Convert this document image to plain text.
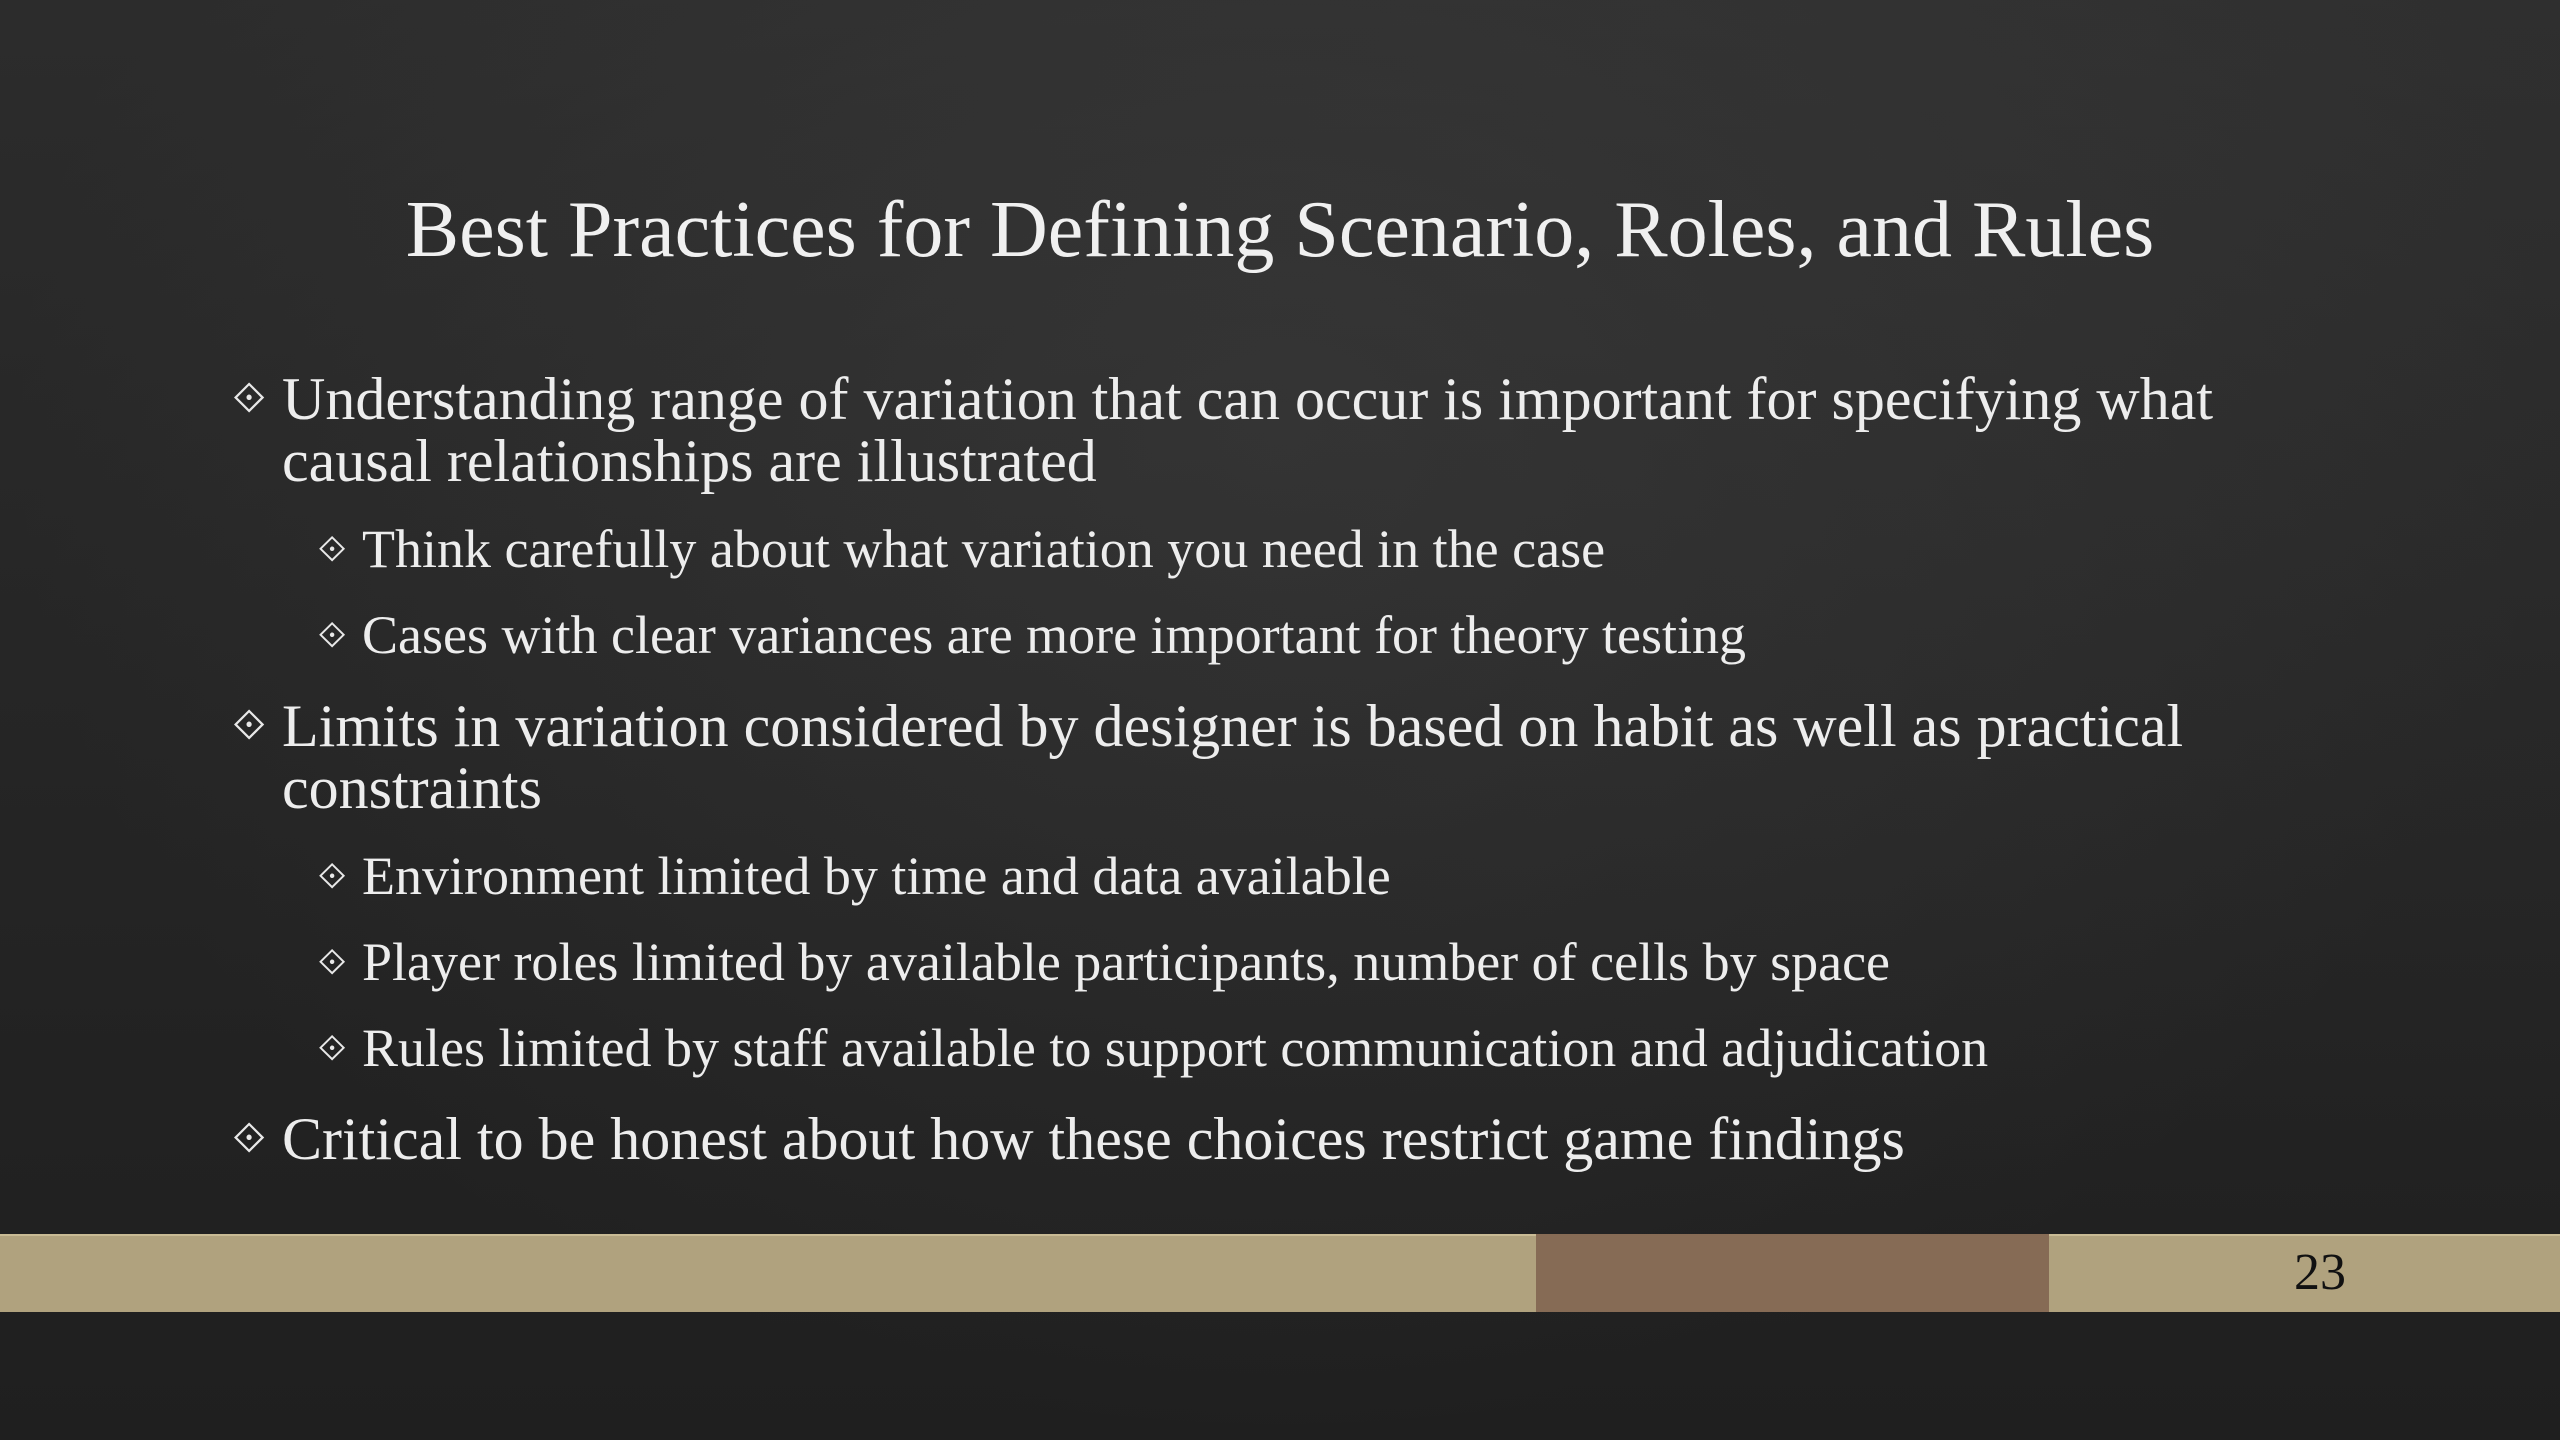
Best Practices for Defining Scenario, Roles, and Rules
⟐ Understanding range of variation that can occur is important for specifying what causal relationships are illustrated
⟐ Think carefully about what variation you need in the case
⟐ Cases with clear variances are more important for theory testing
⟐ Limits in variation considered by designer is based on habit as well as practical constraints
⟐ Environment limited by time and data available
⟐ Player roles limited by available participants, number of cells by space
⟐ Rules limited by staff available to support communication and adjudication
⟐ Critical to be honest about how these choices restrict game findings
23
